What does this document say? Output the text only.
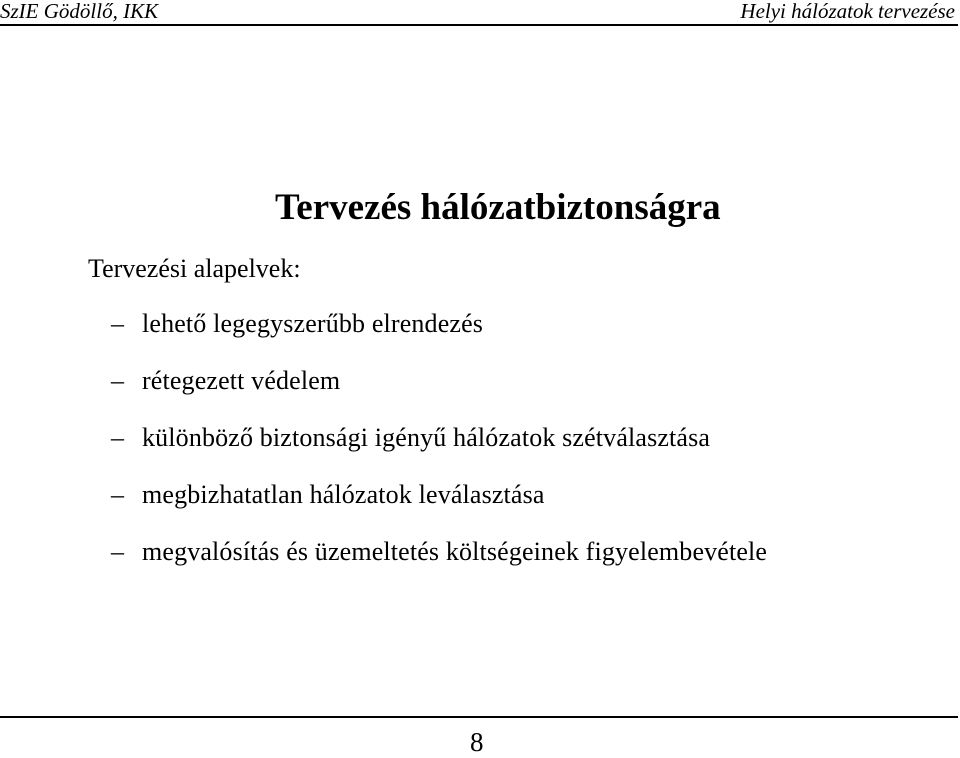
SzIE Gödöllő, IKK	Helyi hálózatok tervezése
Tervezés hálózatbiztonságra
Tervezési alapelvek:
– lehető legegyszerűbb elrendezés
– rétegezett védelem
– különböző biztonsági igényű hálózatok szétválasztása
– megbizhatatlan hálózatok leválasztása
– megvalósítás és üzemeltetés költségeinek figyelembevétele
8
